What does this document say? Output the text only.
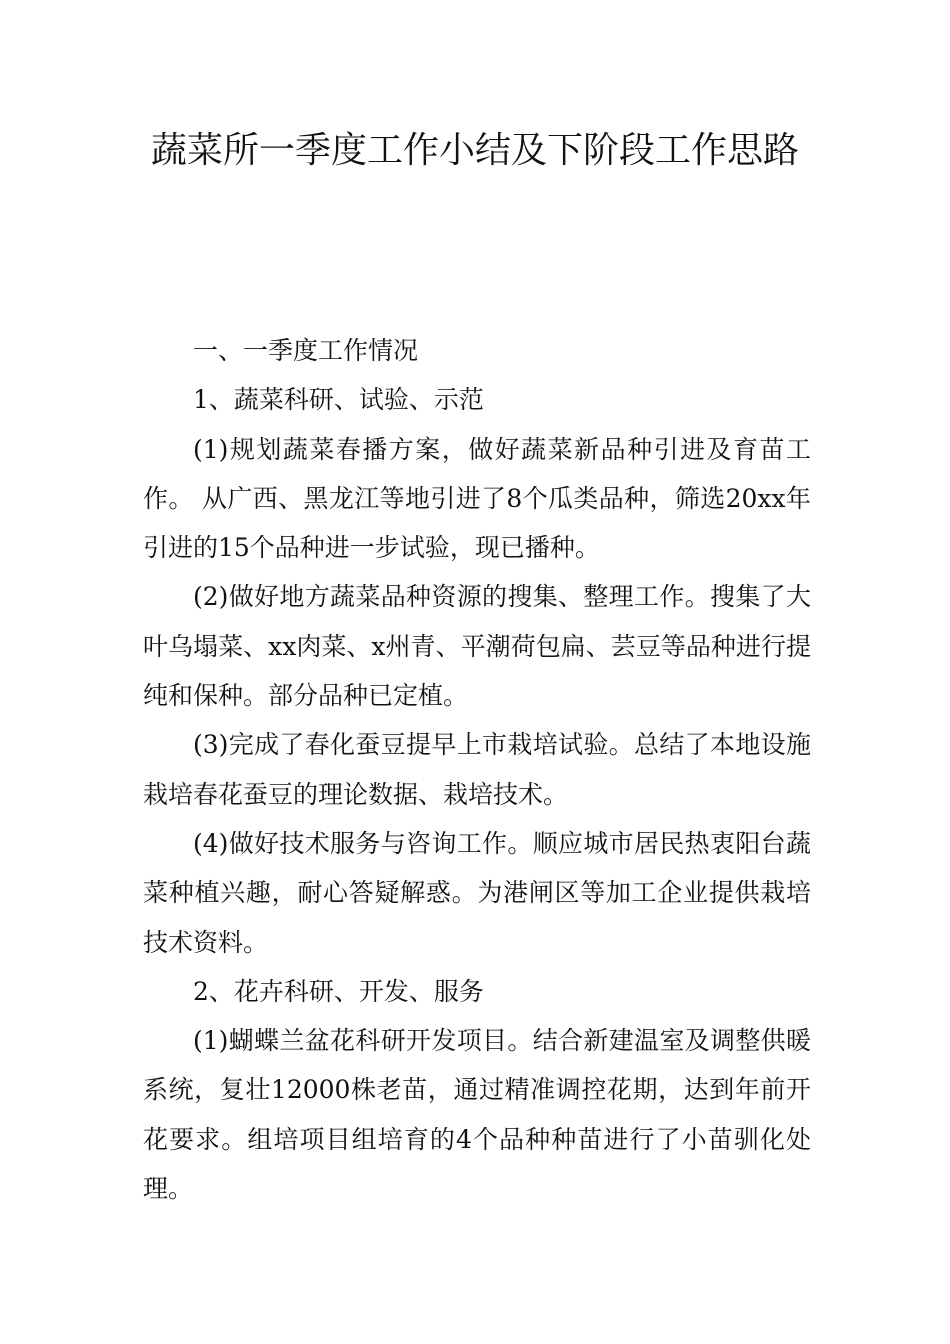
蔬菜所一季度工作小结及下阶段工作思路

一、一季度工作情况

1、蔬菜科研、试验、示范

(1)规划蔬菜春播方案，做好蔬菜新品种引进及育苗工作。 从广西、黑龙江等地引进了8个瓜类品种，筛选20xx年引进的15个品种进一步试验，现已播种。

(2)做好地方蔬菜品种资源的搜集、整理工作。搜集了大叶乌塌菜、xx肉菜、x州青、平潮荷包扁、芸豆等品种进行提纯和保种。部分品种已定植。

(3)完成了春化蚕豆提早上市栽培试验。总结了本地设施栽培春花蚕豆的理论数据、栽培技术。

(4)做好技术服务与咨询工作。顺应城市居民热衷阳台蔬菜种植兴趣，耐心答疑解惑。为港闸区等加工企业提供栽培技术资料。

2、花卉科研、开发、服务

(1)蝴蝶兰盆花科研开发项目。结合新建温室及调整供暖系统，复壮12000株老苗，通过精准调控花期，达到年前开花要求。组培项目组培育的4个品种种苗进行了小苗驯化处理。
